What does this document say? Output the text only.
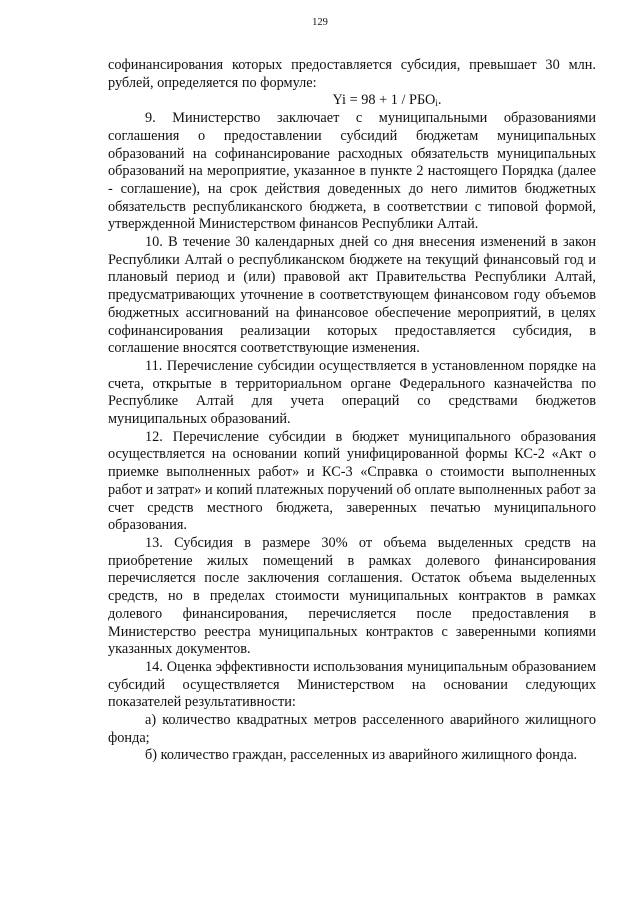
129

софинансирования которых предоставляется субсидия, превышает 30 млн. рублей, определяется по формуле:

$Yi = 98 + 1 / РБО_i$.

9. Министерство заключает с муниципальными образованиями соглашения о предоставлении субсидий бюджетам муниципальных образований на софинансирование расходных обязательств муниципальных образований на мероприятие, указанное в пункте 2 настоящего Порядка (далее - соглашение), на срок действия доведенных до него лимитов бюджетных обязательств республиканского бюджета, в соответствии с типовой формой, утвержденной Министерством финансов Республики Алтай.

10. В течение 30 календарных дней со дня внесения изменений в закон Республики Алтай о республиканском бюджете на текущий финансовый год и плановый период и (или) правовой акт Правительства Республики Алтай, предусматривающих уточнение в соответствующем финансовом году объемов бюджетных ассигнований на финансовое обеспечение мероприятий, в целях софинансирования реализации которых предоставляется субсидия, в соглашение вносятся соответствующие изменения.

11. Перечисление субсидии осуществляется в установленном порядке на счета, открытые в территориальном органе Федерального казначейства по Республике Алтай для учета операций со средствами бюджетов муниципальных образований.

12. Перечисление субсидии в бюджет муниципального образования осуществляется на основании копий унифицированной формы КС-2 «Акт о приемке выполненных работ» и КС-3 «Справка о стоимости выполненных работ и затрат» и копий платежных поручений об оплате выполненных работ за счет средств местного бюджета, заверенных печатью муниципального образования.

13. Субсидия в размере 30% от объема выделенных средств на приобретение жилых помещений в рамках долевого финансирования перечисляется после заключения соглашения. Остаток объема выделенных средств, но в пределах стоимости муниципальных контрактов в рамках долевого финансирования, перечисляется после предоставления в Министерство реестра муниципальных контрактов с заверенными копиями указанных документов.

14. Оценка эффективности использования муниципальным образованием субсидий осуществляется Министерством на основании следующих показателей результативности:

а) количество квадратных метров расселенного аварийного жилищного фонда;

б) количество граждан, расселенных из аварийного жилищного фонда.
